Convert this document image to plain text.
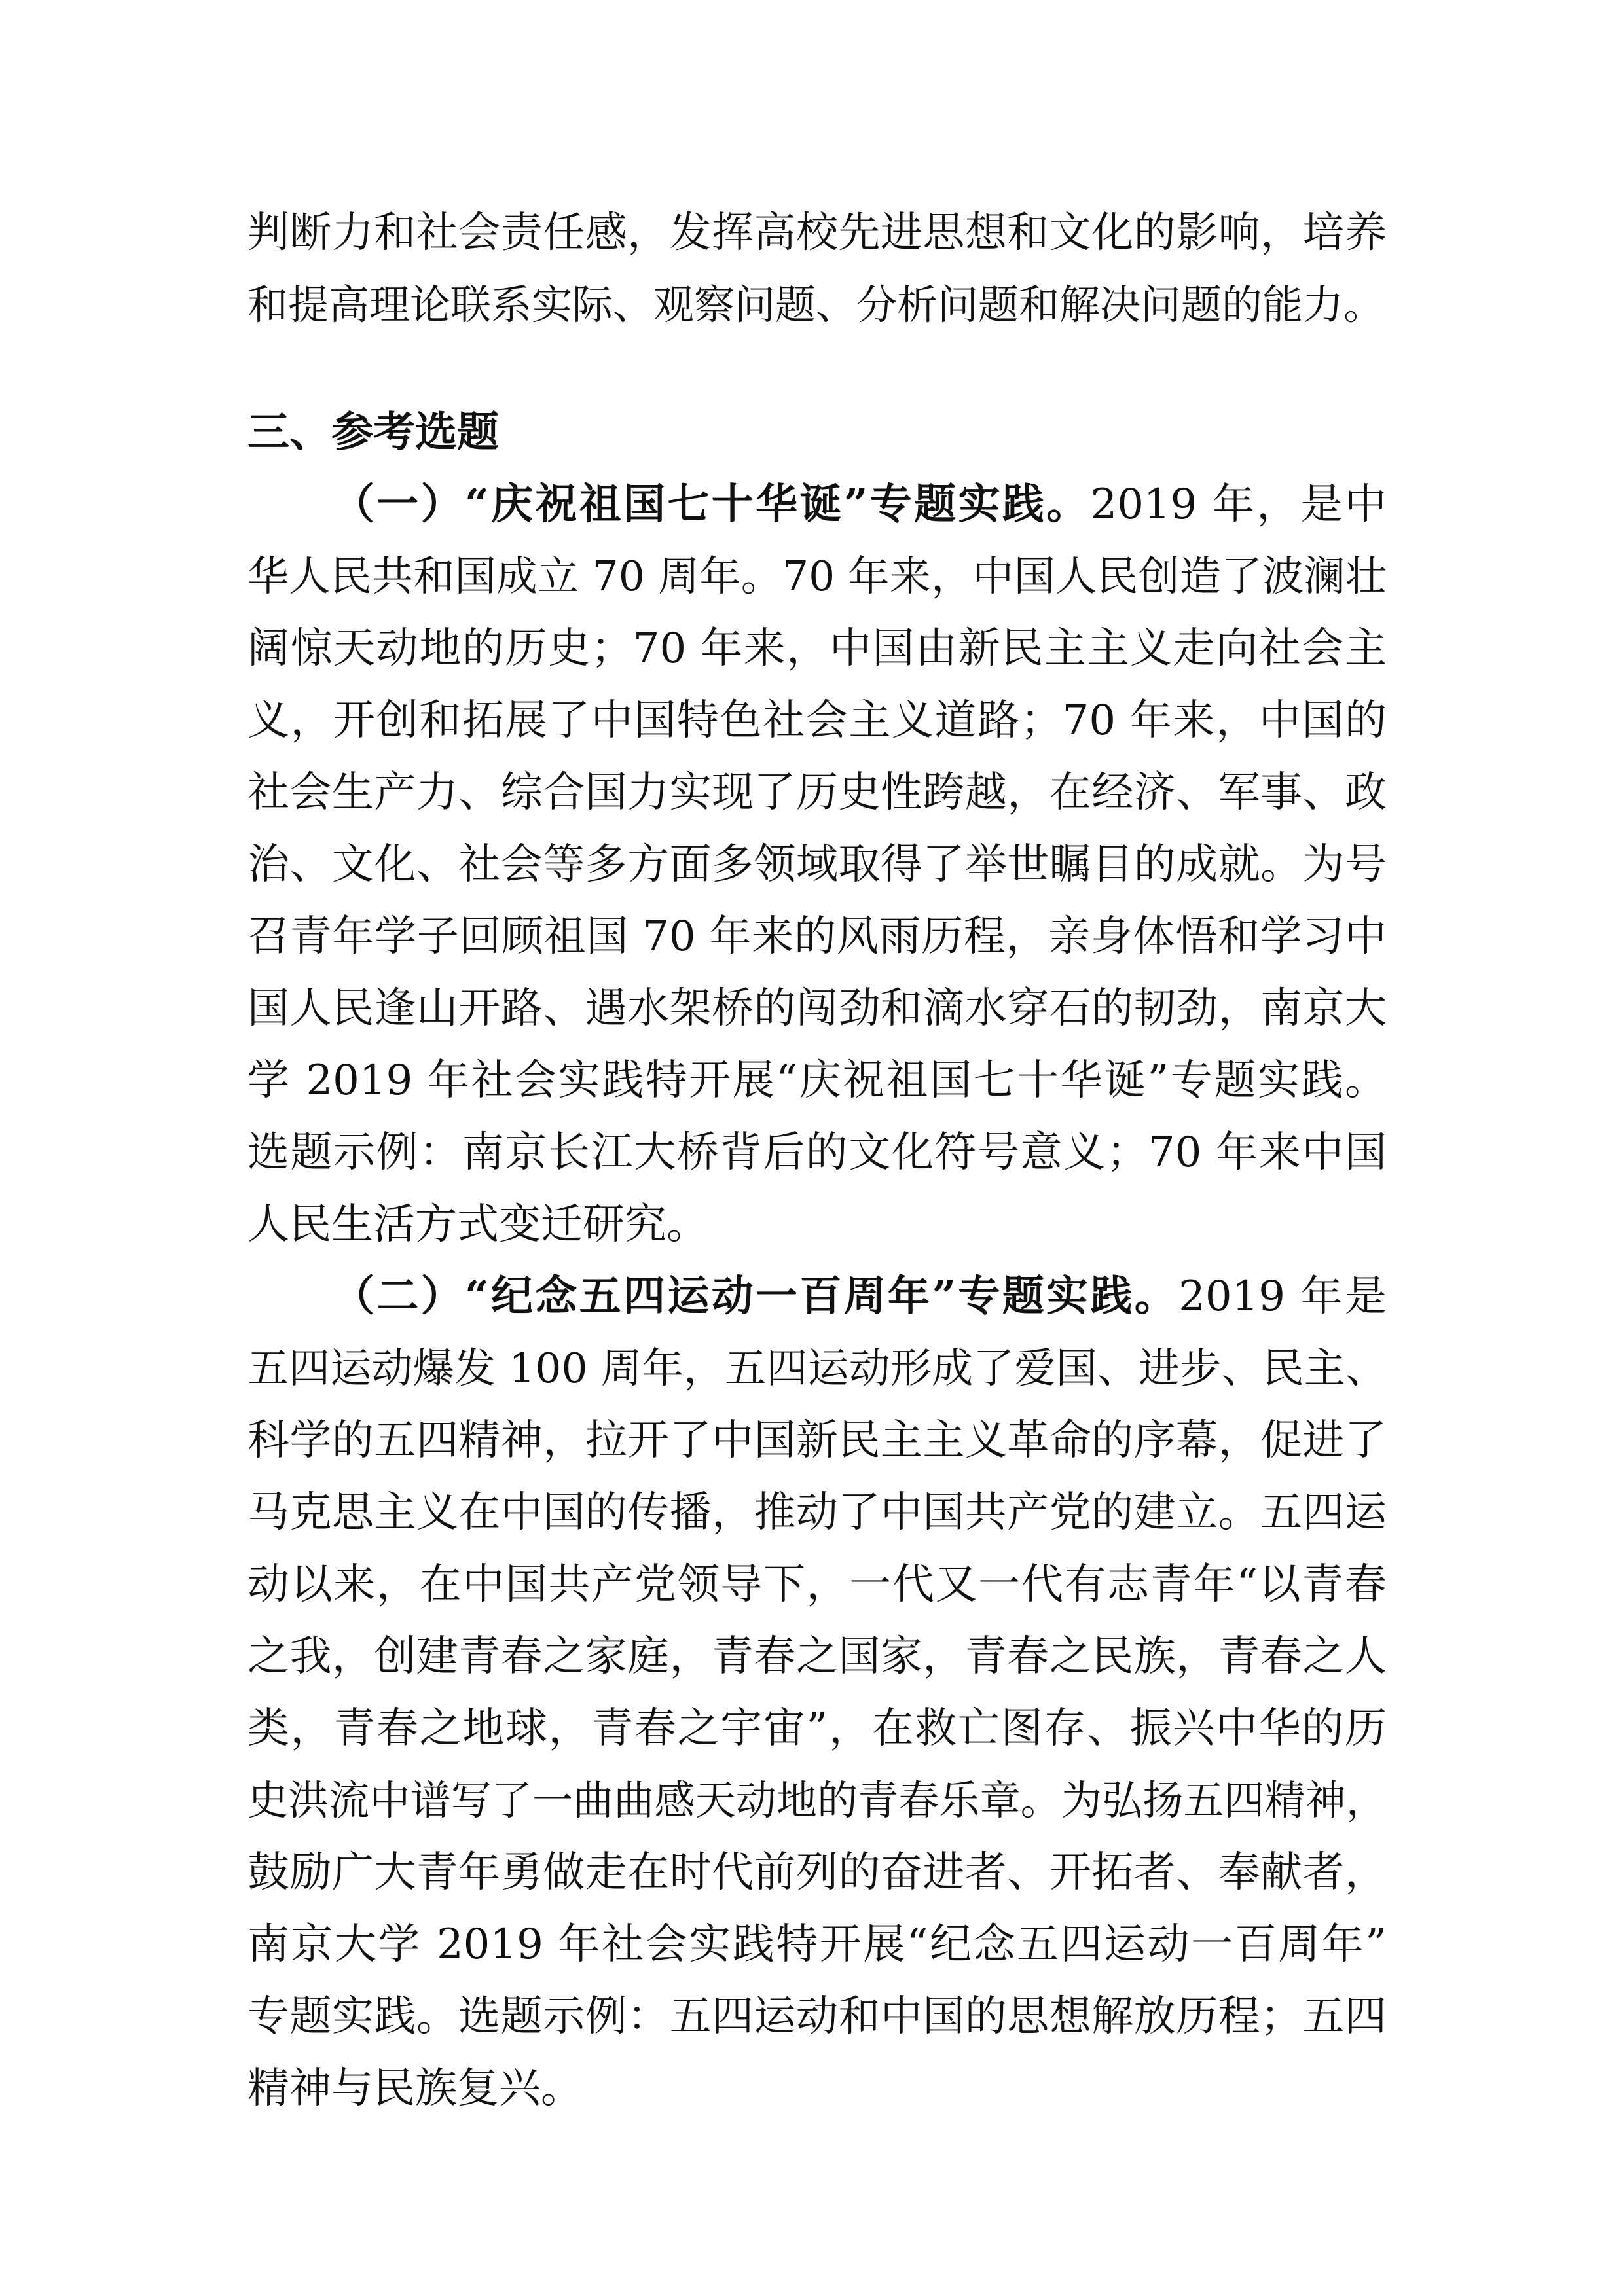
判断力和社会责任感，发挥高校先进思想和文化的影响，培养
和提高理论联系实际、观察问题、分析问题和解决问题的能力。
三、参考选题
（一）“庆祝祖国七十华诞”专题实践。2019 年，是中
华人民共和国成立 70 周年。70 年来，中国人民创造了波澜壮
阔惊天动地的历史；70 年来，中国由新民主主义走向社会主
义，开创和拓展了中国特色社会主义道路；70 年来，中国的
社会生产力、综合国力实现了历史性跨越，在经济、军事、政
治、文化、社会等多方面多领域取得了举世瞩目的成就。为号
召青年学子回顾祖国 70 年来的风雨历程，亲身体悟和学习中
国人民逢山开路、遇水架桥的闯劲和滴水穿石的韧劲，南京大
学 2019 年社会实践特开展“庆祝祖国七十华诞”专题实践。
选题示例：南京长江大桥背后的文化符号意义；70 年来中国
人民生活方式变迁研究。
（二）“纪念五四运动一百周年”专题实践。2019 年是
五四运动爆发 100 周年，五四运动形成了爱国、进步、民主、
科学的五四精神，拉开了中国新民主主义革命的序幕，促进了
马克思主义在中国的传播，推动了中国共产党的建立。五四运
动以来，在中国共产党领导下，一代又一代有志青年“以青春
之我，创建青春之家庭，青春之国家，青春之民族，青春之人
类，青春之地球，青春之宇宙”，在救亡图存、振兴中华的历
史洪流中谱写了一曲曲感天动地的青春乐章。为弘扬五四精神，
鼓励广大青年勇做走在时代前列的奋进者、开拓者、奉献者，
南京大学 2019 年社会实践特开展“纪念五四运动一百周年”
专题实践。选题示例：五四运动和中国的思想解放历程；五四
精神与民族复兴。
